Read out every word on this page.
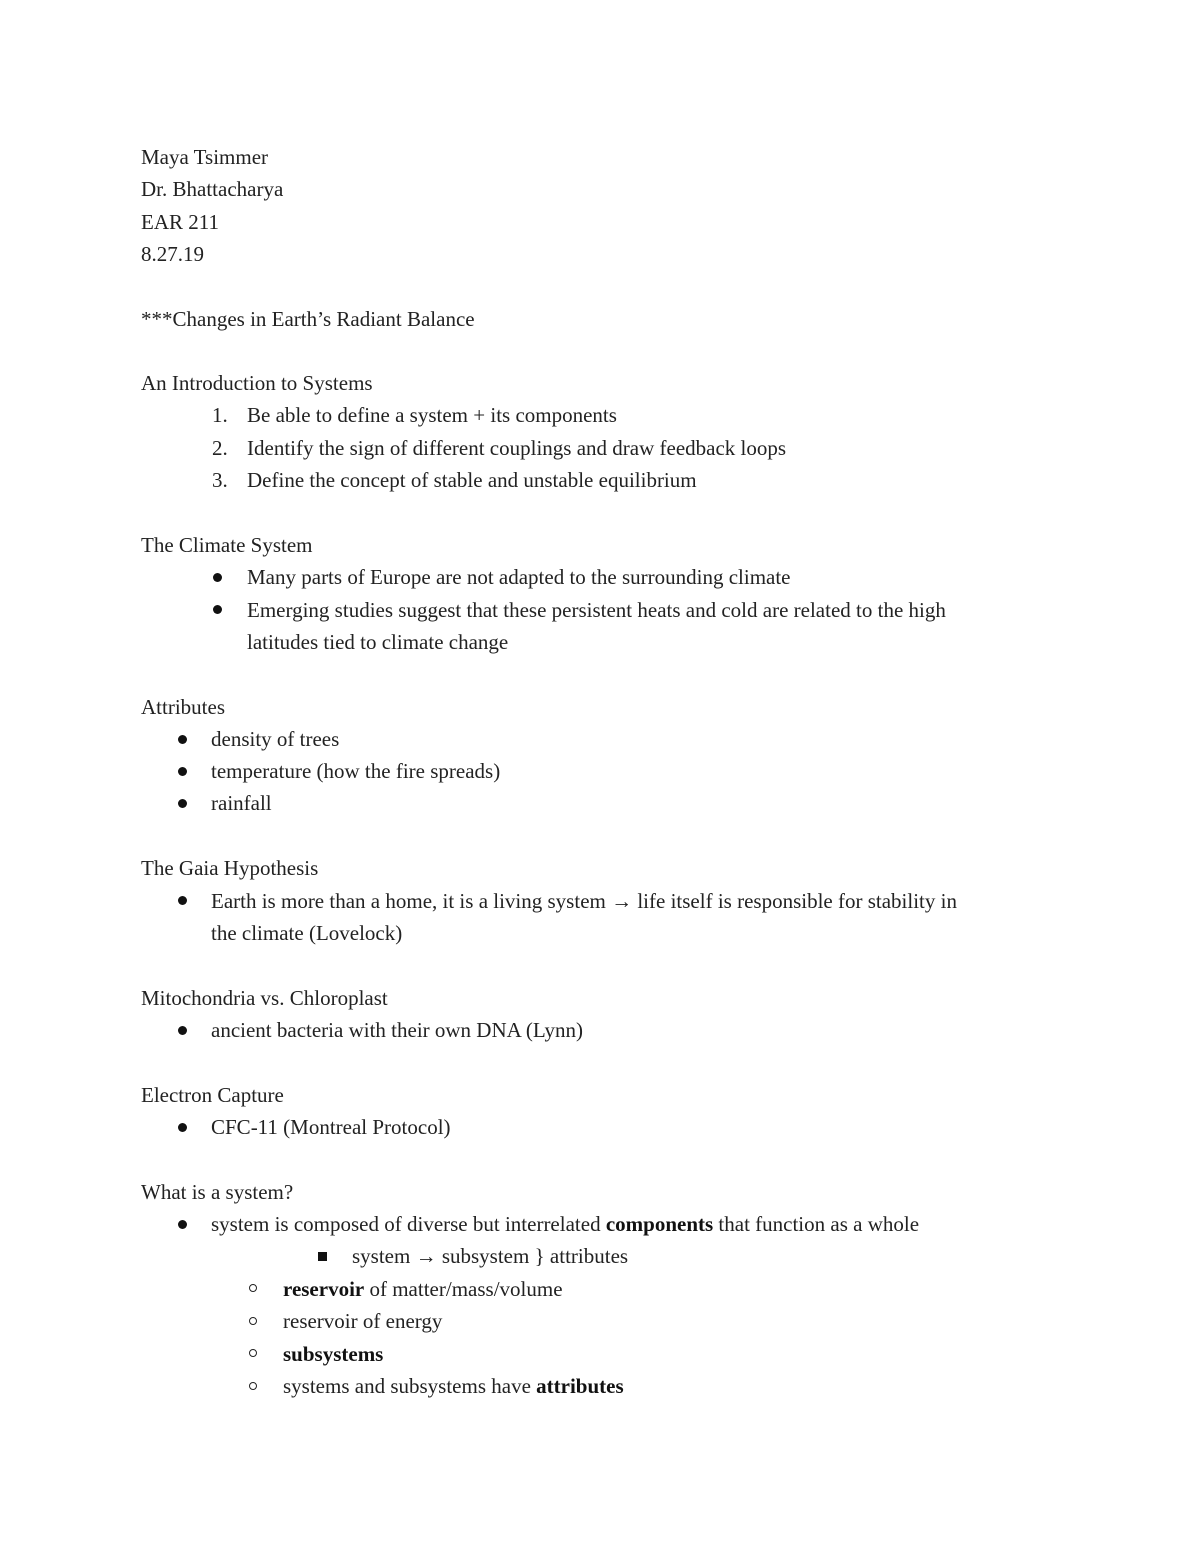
Maya Tsimmer
Dr. Bhattacharya
EAR 211
8.27.19
***Changes in Earth’s Radiant Balance
An Introduction to Systems
1. Be able to define a system + its components
2. Identify the sign of different couplings and draw feedback loops
3. Define the concept of stable and unstable equilibrium
The Climate System
Many parts of Europe are not adapted to the surrounding climate
Emerging studies suggest that these persistent heats and cold are related to the high
latitudes tied to climate change
Attributes
density of trees
temperature (how the fire spreads)
rainfall
The Gaia Hypothesis
Earth is more than a home, it is a living system → life itself is responsible for stability in
the climate (Lovelock)
Mitochondria vs. Chloroplast
ancient bacteria with their own DNA (Lynn)
Electron Capture
CFC-11 (Montreal Protocol)
What is a system?
system is composed of diverse but interrelated components that function as a whole
system → subsystem } attributes
reservoir of matter/mass/volume
reservoir of energy
subsystems
systems and subsystems have attributes
